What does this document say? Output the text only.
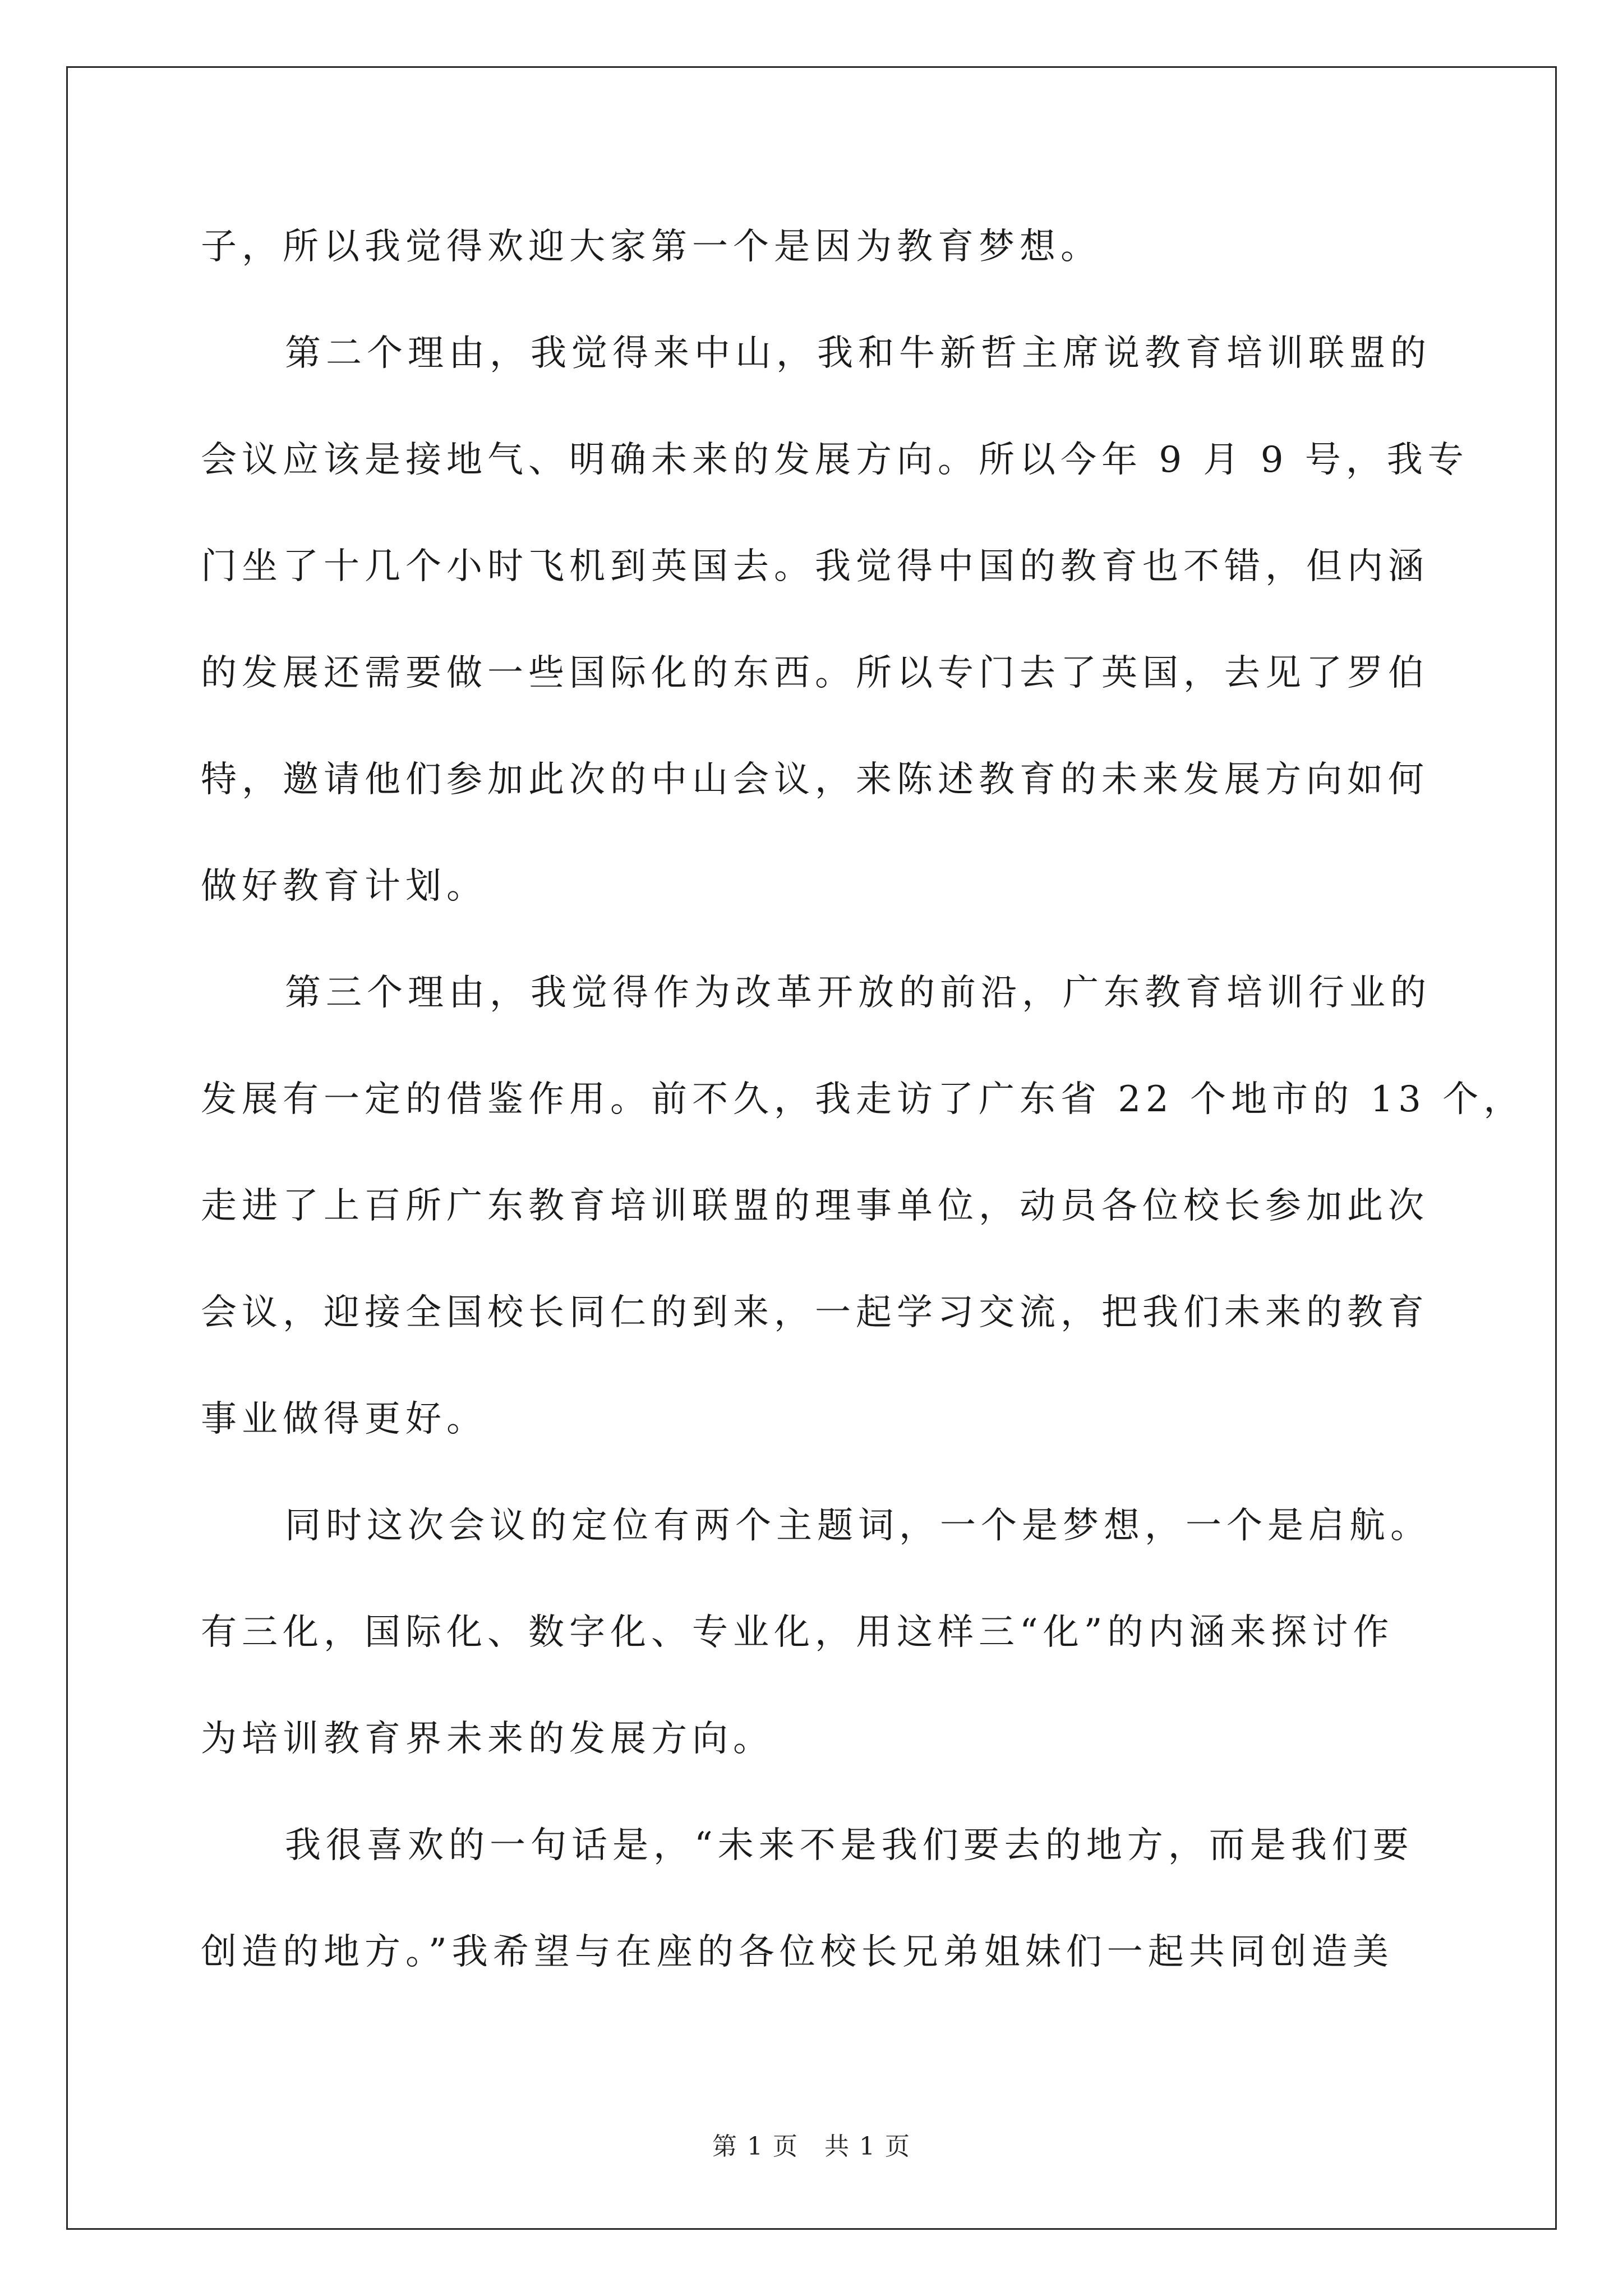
子，所以我觉得欢迎大家第一个是因为教育梦想。
第二个理由，我觉得来中山，我和牛新哲主席说教育培训联盟的
会议应该是接地气、明确未来的发展方向。所以今年 9 月 9 号，我专
门坐了十几个小时飞机到英国去。我觉得中国的教育也不错，但内涵
的发展还需要做一些国际化的东西。所以专门去了英国，去见了罗伯
特，邀请他们参加此次的中山会议，来陈述教育的未来发展方向如何
做好教育计划。
第三个理由，我觉得作为改革开放的前沿，广东教育培训行业的
发展有一定的借鉴作用。前不久，我走访了广东省 22 个地市的 13 个，
走进了上百所广东教育培训联盟的理事单位，动员各位校长参加此次
会议，迎接全国校长同仁的到来，一起学习交流，把我们未来的教育
事业做得更好。
同时这次会议的定位有两个主题词，一个是梦想，一个是启航。
有三化，国际化、数字化、专业化，用这样三“化”的内涵来探讨作
为培训教育界未来的发展方向。
我很喜欢的一句话是，“未来不是我们要去的地方，而是我们要
创造的地方。”我希望与在座的各位校长兄弟姐妹们一起共同创造美
第 1 页　共 1 页
